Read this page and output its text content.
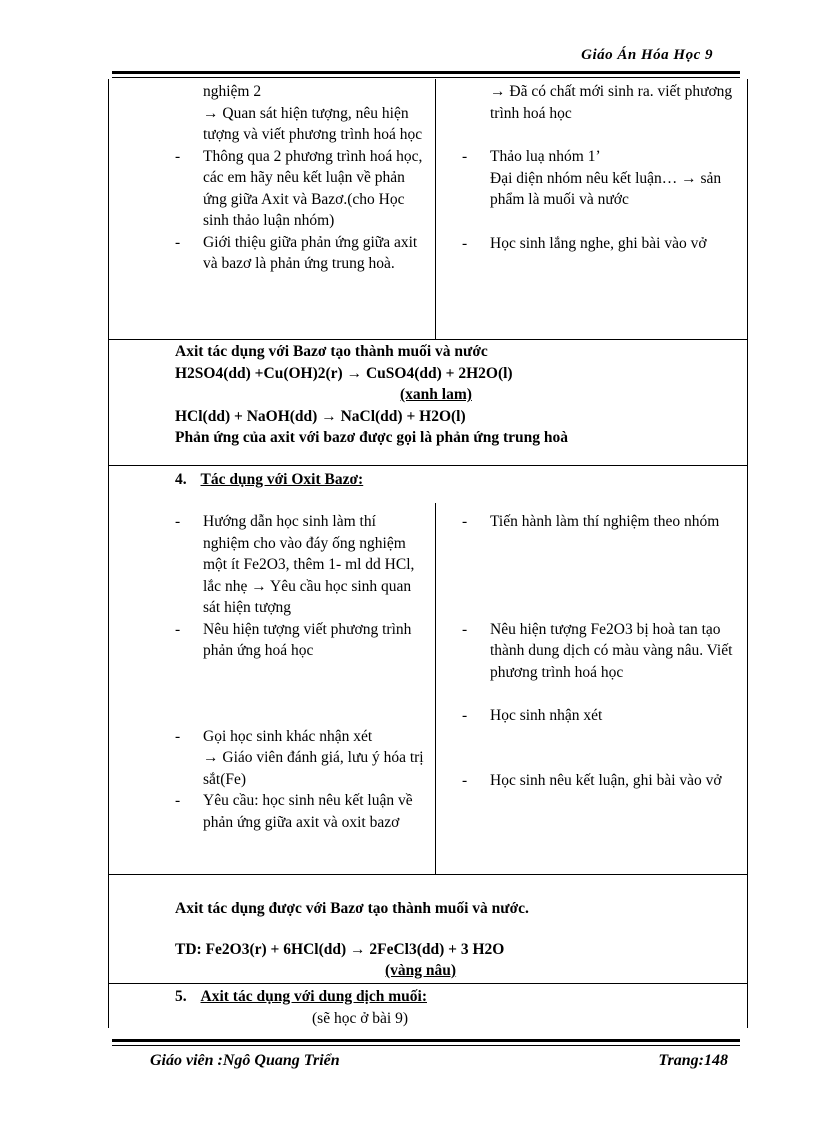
Giáo Án Hóa Học 9
nghiệm 2
→ Quan sát hiện tượng, nêu hiện tượng và viết phương trình hoá học
- Thông qua 2 phương trình hoá học, các em hãy nêu kết luận về phản ứng giữa Axit và Bazơ.(cho Học sinh thảo luận nhóm)
- Giới thiệu giữa phản ứng giữa axit và bazơ là phản ứng trung hoà.
→ Đã có chất mới sinh ra. viết phương trình hoá học
- Thảo luạ nhóm 1’
Đại diện nhóm nêu kết luận… → sản phẩm là muối và nước
- Học sinh lắng nghe, ghi bài vào vở
Axit tác dụng với Bazơ tạo thành muối và nước
H2SO4(dd) +Cu(OH)2(r) → CuSO4(dd) + 2H2O(l)
(xanh lam)
HCl(dd) + NaOH(dd) → NaCl(dd) + H2O(l)
Phản ứng của axit với bazơ được gọi là phản ứng trung hoà
4. Tác dụng với Oxit Bazơ:
- Hướng dẫn học sinh làm thí nghiệm cho vào đáy ống nghiệm một ít Fe2O3, thêm 1- ml dd HCl, lắc nhẹ → Yêu cầu học sinh quan sát hiện tượng
- Nêu hiện tượng viết phương trình phản ứng hoá học
- Gọi học sinh khác nhận xét
→ Giáo viên đánh giá, lưu ý hóa trị sắt(Fe)
- Yêu cầu: học sinh nêu kết luận về phản ứng giữa axit và oxit bazơ
- Tiến hành làm thí nghiệm theo nhóm
- Nêu hiện tượng Fe2O3 bị hoà tan tạo thành dung dịch có màu vàng nâu. Viết phương trình hoá học
- Học sinh nhận xét
- Học sinh nêu kết luận, ghi bài vào vở
Axit tác dụng được với Bazơ tạo thành muối và nước.
TD: Fe2O3(r) + 6HCl(dd) → 2FeCl3(dd) + 3 H2O
(vàng nâu)
5. Axit tác dụng với dung dịch muối:
(sẽ học ở bài 9)
Giáo viên :Ngô Quang Triển	Trang:148
